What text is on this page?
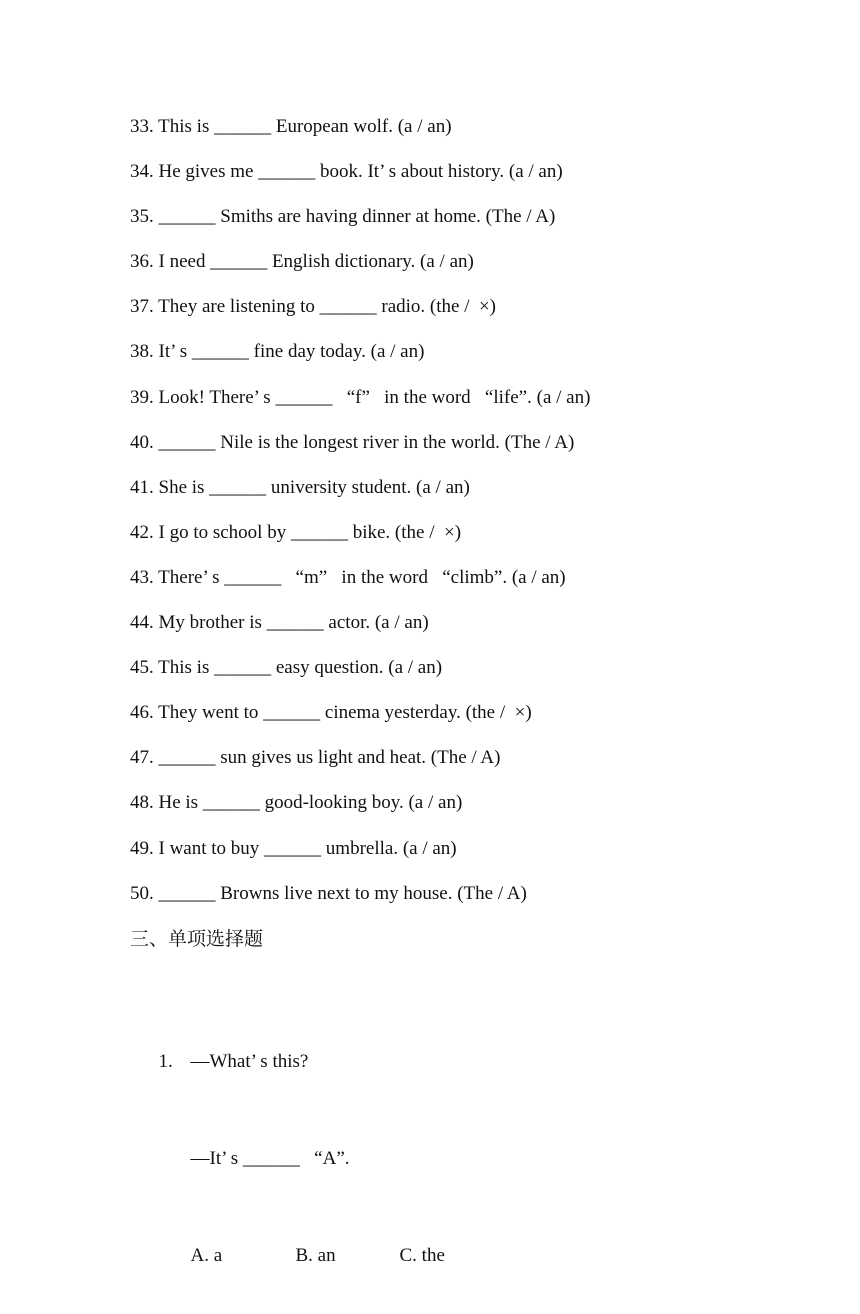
33. This is ______ European wolf. (a / an)
34. He gives me ______ book. It’ s about history. (a / an)
35. ______ Smiths are having dinner at home. (The / A)
36. I need ______ English dictionary. (a / an)
37. They are listening to ______ radio. (the /  ×)
38. It’ s ______ fine day today. (a / an)
39. Look! There’ s ______   “f”   in the word   “life”. (a / an)
40. ______ Nile is the longest river in the world. (The / A)
41. She is ______ university student. (a / an)
42. I go to school by ______ bike. (the /  ×)
43. There’ s ______   “m”   in the word   “climb”. (a / an)
44. My brother is ______ actor. (a / an)
45. This is ______ easy question. (a / an)
46. They went to ______ cinema yesterday. (the /  ×)
47. ______ sun gives us light and heat. (The / A)
48. He is ______ good-looking boy. (a / an)
49. I want to buy ______ umbrella. (a / an)
50. ______ Browns live next to my house. (The / A)
三、单项选择题

1. —What’ s this?

—It’ s ______   “A”.

A. a	B. an	C. the
